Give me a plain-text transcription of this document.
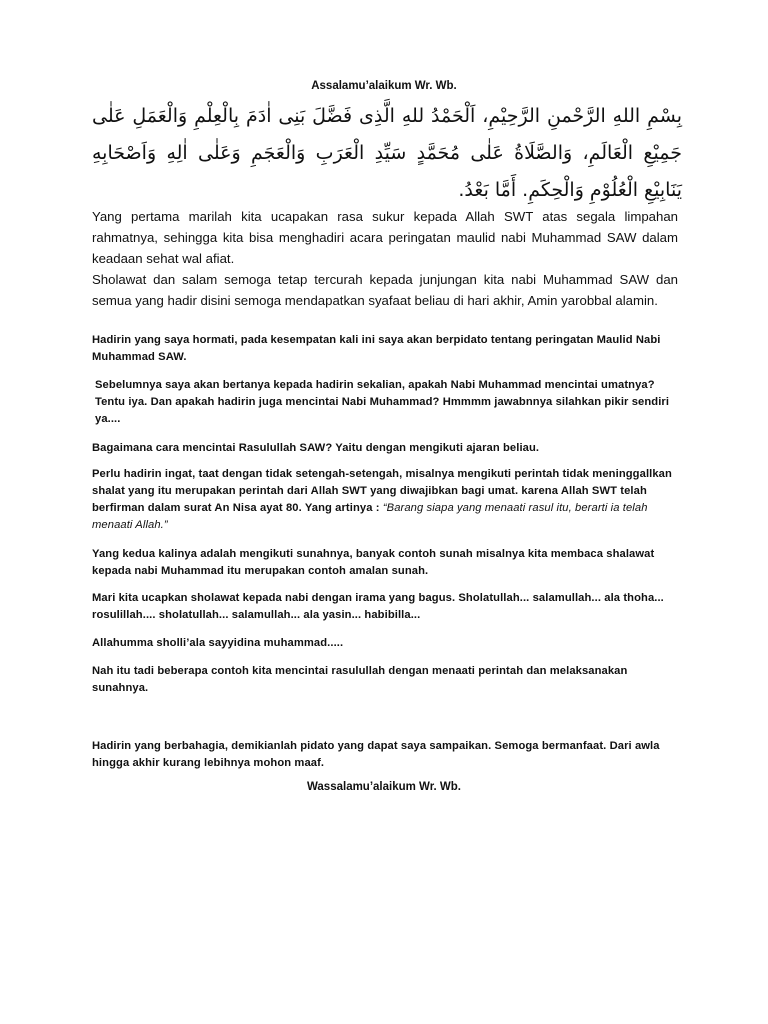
Assalamu’alaikum Wr. Wb.
بِسْمِ اللهِ الرَّحْمنِ الرَّحِيْمِ، اَلْحَمْدُ للهِ الَّذِى فَضَّلَ بَنِى اٰدَمَ بِالْعِلْمِ وَالْعَمَلِ عَلٰى جَمِيْعِ الْعَالَمِ، وَالصَّلَاةُ عَلٰى مُحَمَّدٍ سَيِّدِ الْعَرَبِ وَالْعَجَمِ وَعَلٰى اٰلِهِ وَاَصْحَابِهِ يَنَابِيْعِ الْعُلُوْمِ وَالْحِكَمِ. أَمَّا بَعْدُ.
Yang pertama marilah kita ucapakan rasa sukur kepada Allah SWT atas segala limpahan rahmatnya, sehingga kita bisa menghadiri acara peringatan maulid nabi Muhammad SAW dalam keadaan sehat wal afiat.
Sholawat dan salam semoga tetap tercurah kepada junjungan kita nabi Muhammad SAW dan semua yang hadir disini semoga mendapatkan syafaat beliau di hari akhir, Amin yarobbal alamin.
Hadirin yang saya hormati, pada kesempatan kali ini saya akan berpidato tentang peringatan Maulid Nabi Muhammad SAW.
Sebelumnya saya akan bertanya kepada hadirin sekalian, apakah Nabi Muhammad mencintai umatnya? Tentu iya. Dan apakah hadirin juga mencintai Nabi Muhammad? Hmmmm jawabnnya silahkan pikir sendiri ya....
Bagaimana cara mencintai Rasulullah SAW? Yaitu dengan mengikuti ajaran beliau.
Perlu hadirin ingat, taat dengan tidak setengah-setengah, misalnya mengikuti perintah tidak meninggallkan shalat yang itu merupakan perintah dari Allah SWT yang diwajibkan bagi umat. karena Allah SWT telah berfirman dalam surat An Nisa ayat 80. Yang artinya : “Barang siapa yang menaati rasul itu, berarti ia telah menaati Allah.”
Yang kedua kalinya adalah mengikuti sunahnya, banyak contoh sunah misalnya kita membaca shalawat kepada nabi Muhammad itu merupakan contoh amalan sunah.
Mari kita ucapkan sholawat kepada nabi dengan irama yang bagus. Sholatullah... salamullah... ala thoha... rosulillah.... sholatullah... salamullah... ala yasin... habibilla...
Allahumma sholli’ala sayyidina muhammad.....
Nah itu tadi beberapa contoh kita mencintai rasulullah dengan menaati perintah dan melaksanakan sunahnya.
Hadirin yang berbahagia, demikianlah pidato yang dapat saya sampaikan. Semoga bermanfaat. Dari awla hingga akhir kurang lebihnya mohon maaf.
Wassalamu’alaikum Wr. Wb.
